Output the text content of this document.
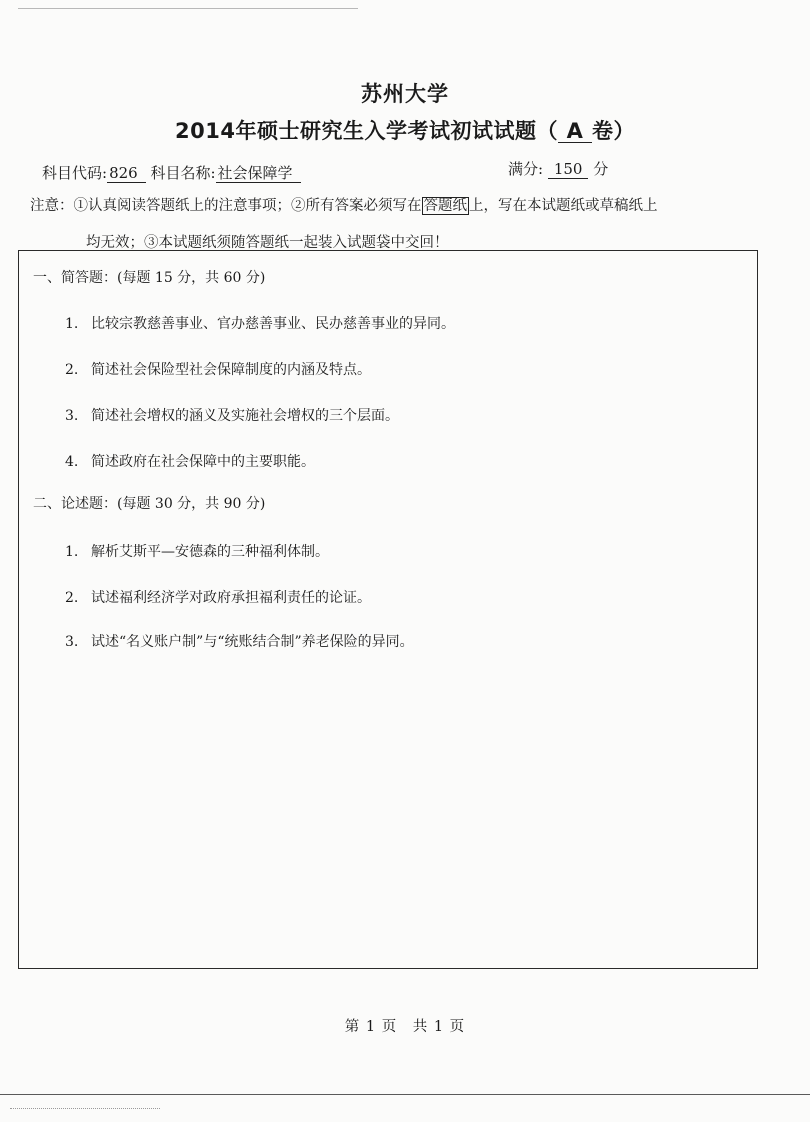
苏州大学
2014年硕士研究生入学考试初试试题（ A 卷）
科目代码: 826 科目名称: 社会保障学	满分: 150 分
注意：①认真阅读答题纸上的注意事项；②所有答案必须写在 答题纸 上，写在本试题纸或草稿纸上
均无效；③本试题纸须随答题纸一起装入试题袋中交回！
一、简答题：(每题 15 分，共 60 分)
1. 比较宗教慈善事业、官办慈善事业、民办慈善事业的异同。
2. 简述社会保险型社会保障制度的内涵及特点。
3. 简述社会增权的涵义及实施社会增权的三个层面。
4. 简述政府在社会保障中的主要职能。
二、论述题：(每题 30 分，共 90 分)
1. 解析艾斯平—安德森的三种福利体制。
2. 试述福利经济学对政府承担福利责任的论证。
3. 试述“名义账户制”与“统账结合制”养老保险的异同。
第 1 页　共 1 页
